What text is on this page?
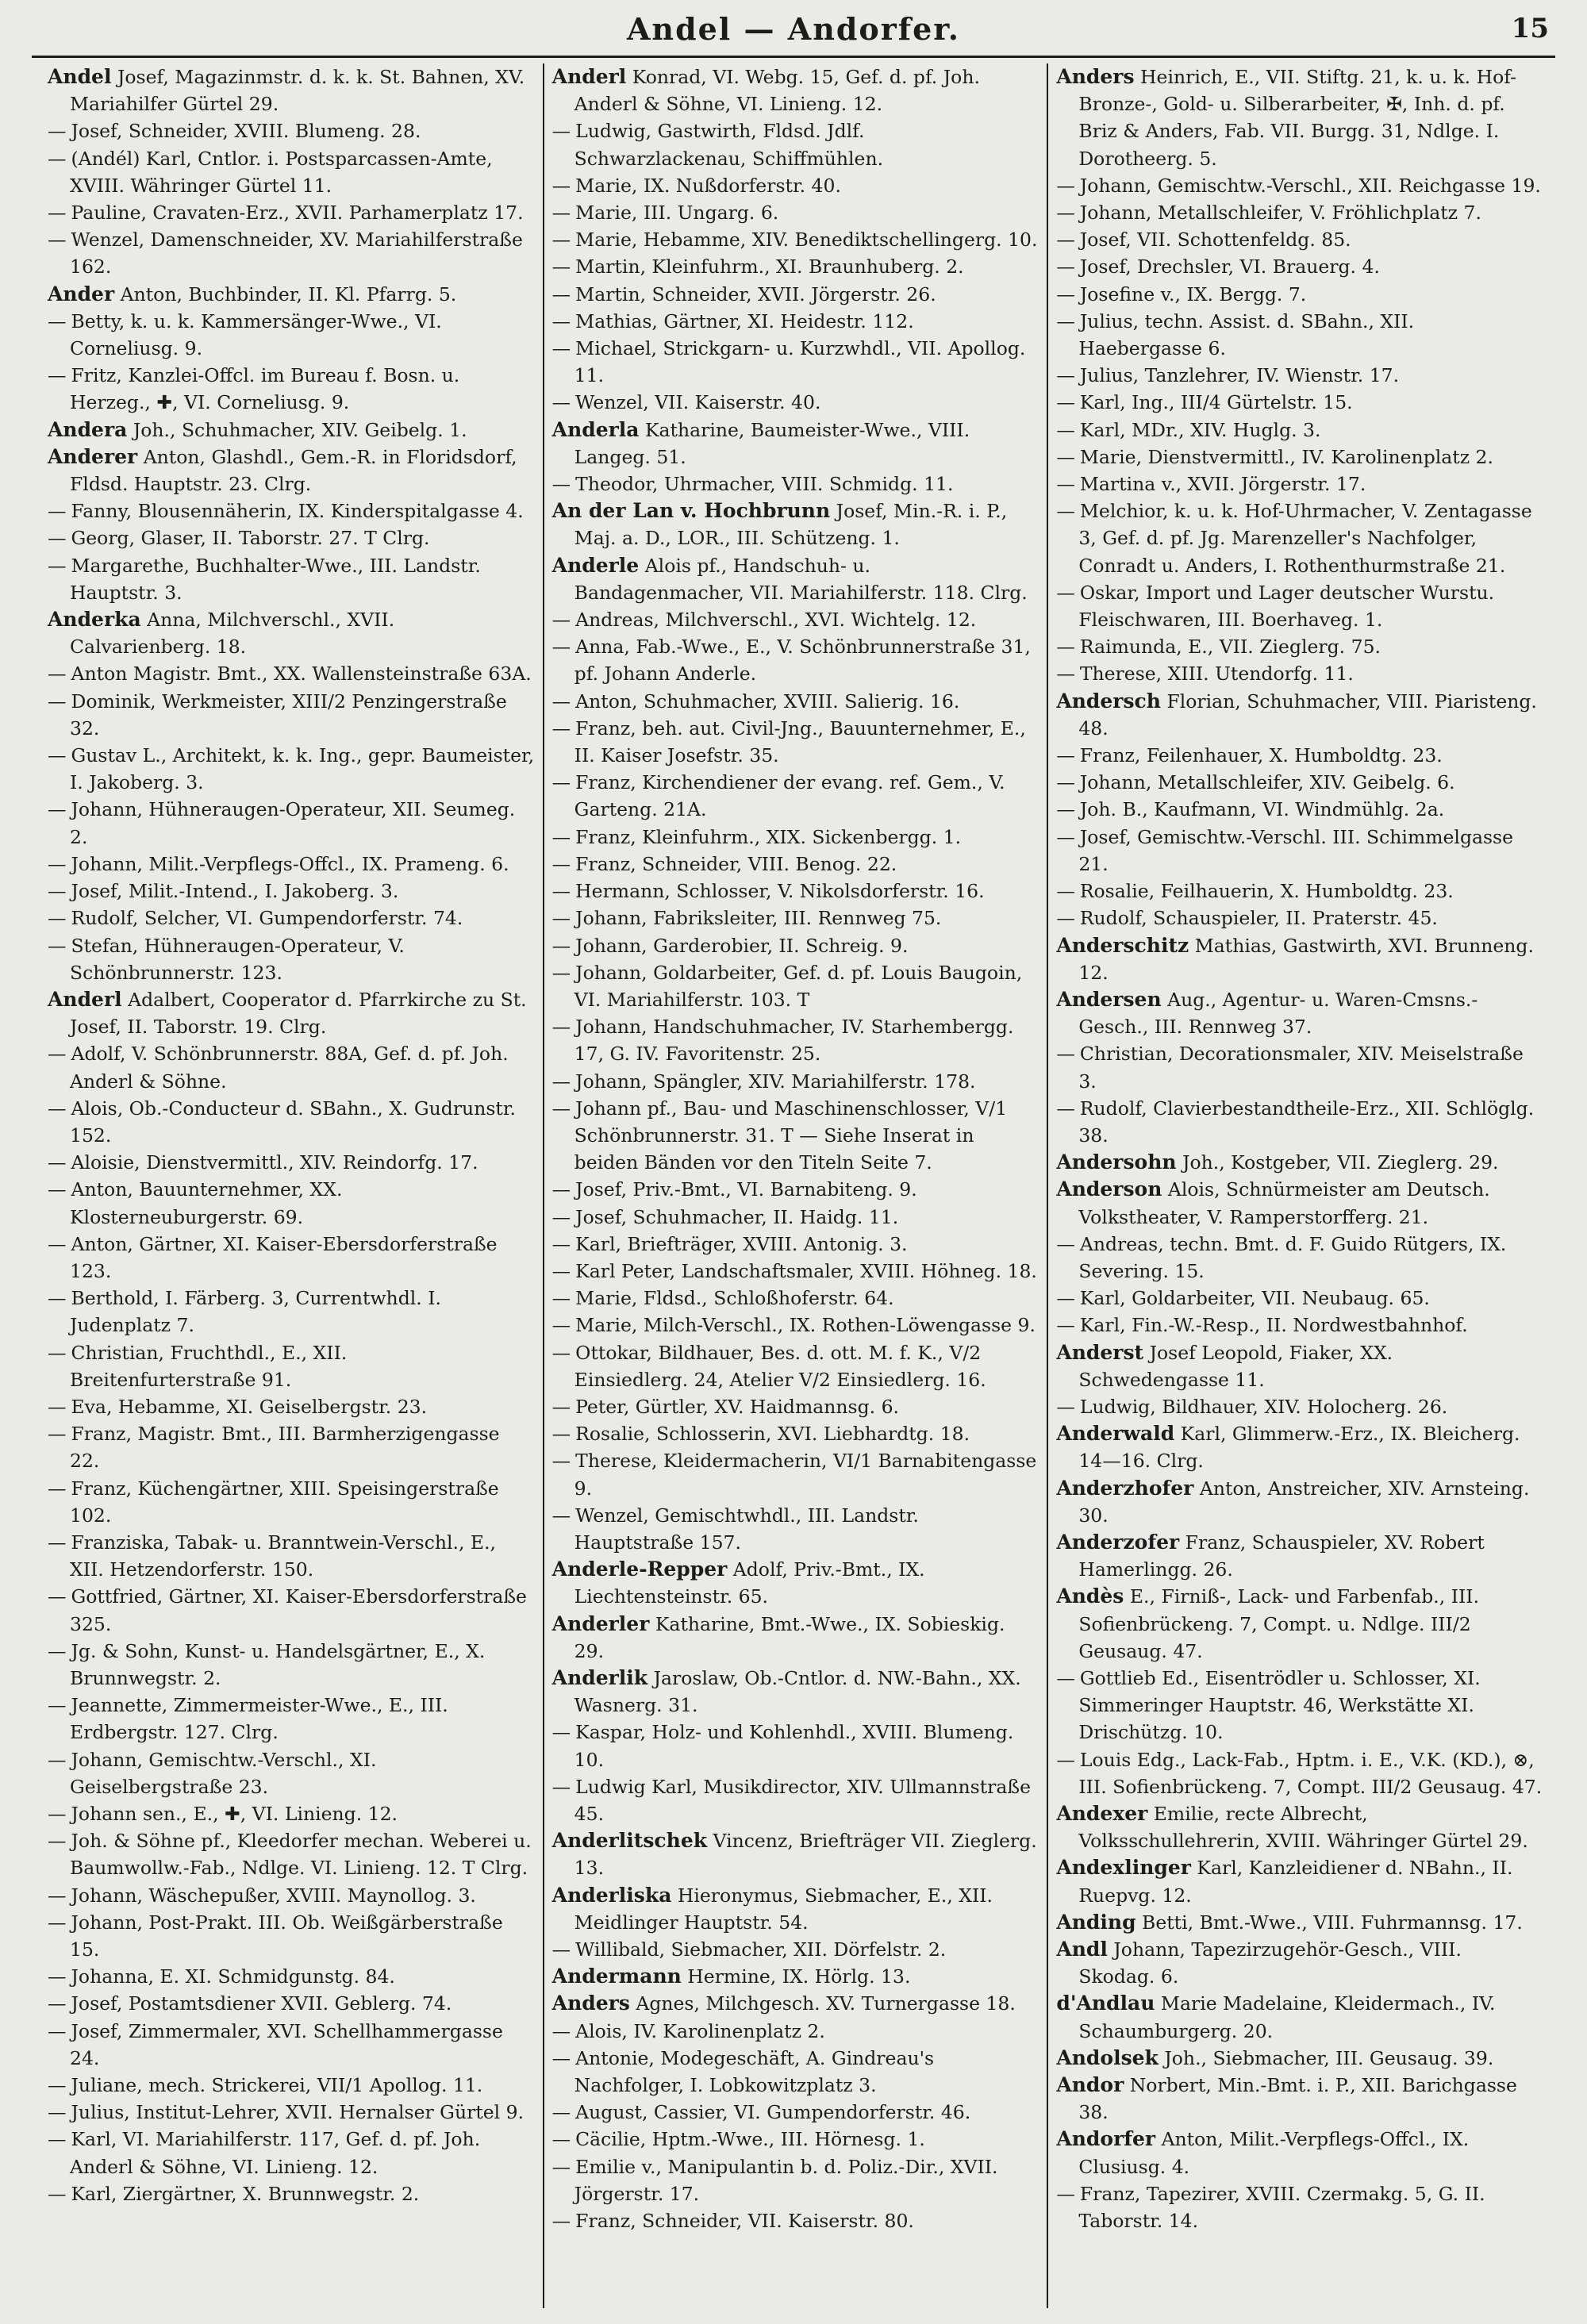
Andel — Andorfer.	15
Andel Josef, Magazinmstr. d. k. k. St. Bahnen, XV. Mariahilfer Gürtel 29.
— Josef, Schneider, XVIII. Blumeng. 28.
— (Andél) Karl, Cntlor. i. Postsparcassen-Amte, XVIII. Währinger Gürtel 11.
— Pauline, Cravaten-Erz., XVII. Parhamerplatz 17.
— Wenzel, Damenschneider, XV. Mariahilferstraße 162.
Ander Anton, Buchbinder, II. Kl. Pfarrg. 5.
— Betty, k. u. k. Kammersänger-Wwe., VI. Corneliusg. 9.
— Fritz, Kanzlei-Offcl. im Bureau f. Bosn. u. Herzeg., ✚, VI. Corneliusg. 9.
Andera Joh., Schuhmacher, XIV. Geibelg. 1.
Anderer Anton, Glashdl., Gem.-R. in Floridsdorf, Fldsd. Hauptstr. 23. Clrg.
— Fanny, Blousennäherin, IX. Kinderspitalgasse 4.
— Georg, Glaser, II. Taborstr. 27. T Clrg.
— Margarethe, Buchhalter-Wwe., III. Landstr. Hauptstr. 3.
Anderka Anna, Milchverschl., XVII. Calvarienberg. 18.
— Anton Magistr. Bmt., XX. Wallensteinstraße 63A.
— Dominik, Werkmeister, XIII/2 Penzingerstraße 32.
— Gustav L., Architekt, k. k. Ing., gepr. Baumeister, I. Jakoberg. 3.
— Johann, Hühneraugen-Operateur, XII. Seumeg. 2.
— Johann, Milit.-Verpflegs-Offcl., IX. Prameng. 6.
— Josef, Milit.-Intend., I. Jakoberg. 3.
— Rudolf, Selcher, VI. Gumpendorferstr. 74.
— Stefan, Hühneraugen-Operateur, V. Schönbrunnerstr. 123.
Anderl Adalbert, Cooperator d. Pfarrkirche zu St. Josef, II. Taborstr. 19. Clrg.
— Adolf, V. Schönbrunnerstr. 88A, Gef. d. pf. Joh. Anderl & Söhne.
— Alois, Ob.-Conducteur d. SBahn., X. Gudrunstr. 152.
— Aloisie, Dienstvermittl., XIV. Reindorfg. 17.
— Anton, Bauunternehmer, XX. Klosterneuburgerstr. 69.
— Anton, Gärtner, XI. Kaiser-Ebersdorferstraße 123.
— Berthold, I. Färberg. 3, Currentwhdl. I. Judenplatz 7.
— Christian, Fruchthdl., E., XII. Breitenfurterstraße 91.
— Eva, Hebamme, XI. Geiselbergstr. 23.
— Franz, Magistr. Bmt., III. Barmherzigengasse 22.
— Franz, Küchengärtner, XIII. Speisingerstraße 102.
— Franziska, Tabak- u. Branntwein-Verschl., E., XII. Hetzendorferstr. 150.
— Gottfried, Gärtner, XI. Kaiser-Ebersdorferstraße 325.
— Jg. & Sohn, Kunst- u. Handelsgärtner, E., X. Brunnwegstr. 2.
— Jeannette, Zimmermeister-Wwe., E., III. Erdbergstr. 127. Clrg.
— Johann, Gemischtw.-Verschl., XI. Geiselbergstraße 23.
— Johann sen., E., ✚, VI. Linieng. 12.
— Joh. & Söhne pf., Kleedorfer mechan. Weberei u. Baumwollw.-Fab., Ndlge. VI. Linieng. 12. T Clrg.
— Johann, Wäschepußer, XVIII. Maynollog. 3.
— Johann, Post-Prakt. III. Ob. Weißgärberstraße 15.
— Johanna, E. XI. Schmidgunstg. 84.
— Josef, Postamtsdiener XVII. Geblerg. 74.
— Josef, Zimmermaler, XVI. Schellhammergasse 24.
— Juliane, mech. Strickerei, VII/1 Apollog. 11.
— Julius, Institut-Lehrer, XVII. Hernalser Gürtel 9.
— Karl, VI. Mariahilferstr. 117, Gef. d. pf. Joh. Anderl & Söhne, VI. Linieng. 12.
— Karl, Ziergärtner, X. Brunnwegstr. 2.
Anderl Konrad, VI. Webg. 15, Gef. d. pf. Joh. Anderl & Söhne, VI. Linieng. 12.
— Ludwig, Gastwirth, Fldsd. Jdlf. Schwarzlackenau, Schiffmühlen.
— Marie, IX. Nußdorferstr. 40.
— Marie, III. Ungarg. 6.
— Marie, Hebamme, XIV. Benediktschellingerg. 10.
— Martin, Kleinfuhrm., XI. Braunhuberg. 2.
— Martin, Schneider, XVII. Jörgerstr. 26.
— Mathias, Gärtner, XI. Heidestr. 112.
— Michael, Strickgarn- u. Kurzwhdl., VII. Apollog. 11.
— Wenzel, VII. Kaiserstr. 40.
Anderla Katharine, Baumeister-Wwe., VIII. Langeg. 51.
— Theodor, Uhrmacher, VIII. Schmidg. 11.
An der Lan v. Hochbrunn Josef, Min.-R. i. P., Maj. a. D., LOR., III. Schützeng. 1.
Anderle Alois pf., Handschuh- u. Bandagenmacher, VII. Mariahilferstr. 118. Clrg.
— Andreas, Milchverschl., XVI. Wichtelg. 12.
— Anna, Fab.-Wwe., E., V. Schönbrunnerstraße 31, pf. Johann Anderle.
— Anton, Schuhmacher, XVIII. Salierig. 16.
— Franz, beh. aut. Civil-Jng., Bauunternehmer, E., II. Kaiser Josefstr. 35.
— Franz, Kirchendiener der evang. ref. Gem., V. Garteng. 21A.
— Franz, Kleinfuhrm., XIX. Sickenbergg. 1.
— Franz, Schneider, VIII. Benog. 22.
— Hermann, Schlosser, V. Nikolsdorferstr. 16.
— Johann, Fabriksleiter, III. Rennweg 75.
— Johann, Garderobier, II. Schreig. 9.
— Johann, Goldarbeiter, Gef. d. pf. Louis Baugoin, VI. Mariahilferstr. 103. T
— Johann, Handschuhmacher, IV. Starhembergg. 17, G. IV. Favoritenstr. 25.
— Johann, Spängler, XIV. Mariahilferstr. 178.
— Johann pf., Bau- und Maschinenschlosser, V/1 Schönbrunnerstr. 31. T — Siehe Inserat in beiden Bänden vor den Titeln Seite 7.
— Josef, Priv.-Bmt., VI. Barnabiteng. 9.
— Josef, Schuhmacher, II. Haidg. 11.
— Karl, Briefträger, XVIII. Antonig. 3.
— Karl Peter, Landschaftsmaler, XVIII. Höhneg. 18.
— Marie, Fldsd., Schloßhoferstr. 64.
— Marie, Milch-Verschl., IX. Rothen-Löwengasse 9.
— Ottokar, Bildhauer, Bes. d. ott. M. f. K., V/2 Einsiedlerg. 24, Atelier V/2 Einsiedlerg. 16.
— Peter, Gürtler, XV. Haidmannsg. 6.
— Rosalie, Schlosserin, XVI. Liebhardtg. 18.
— Therese, Kleidermacherin, VI/1 Barnabitengasse 9.
— Wenzel, Gemischtwhdl., III. Landstr. Hauptstraße 157.
Anderle-Repper Adolf, Priv.-Bmt., IX. Liechtensteinstr. 65.
Anderler Katharine, Bmt.-Wwe., IX. Sobieskig. 29.
Anderlik Jaroslaw, Ob.-Cntlor. d. NW.-Bahn., XX. Wasnerg. 31.
— Kaspar, Holz- und Kohlenhdl., XVIII. Blumeng. 10.
— Ludwig Karl, Musikdirector, XIV. Ullmannstraße 45.
Anderlitschek Vincenz, Briefträger VII. Zieglerg. 13.
Anderliska Hieronymus, Siebmacher, E., XII. Meidlinger Hauptstr. 54.
— Willibald, Siebmacher, XII. Dörfelstr. 2.
Andermann Hermine, IX. Hörlg. 13.
Anders Agnes, Milchgesch. XV. Turnergasse 18.
— Alois, IV. Karolinenplatz 2.
— Antonie, Modegeschäft, A. Gindreau's Nachfolger, I. Lobkowitzplatz 3.
— August, Cassier, VI. Gumpendorferstr. 46.
— Cäcilie, Hptm.-Wwe., III. Hörnesg. 1.
— Emilie v., Manipulantin b. d. Poliz.-Dir., XVII. Jörgerstr. 17.
— Franz, Schneider, VII. Kaiserstr. 80.
Anders Heinrich, E., VII. Stiftg. 21, k. u. k. Hof-Bronze-, Gold- u. Silberarbeiter, ✠, Inh. d. pf. Briz & Anders, Fab. VII. Burgg. 31, Ndlge. I. Dorotheerg. 5.
— Johann, Gemischtw.-Verschl., XII. Reichgasse 19.
— Johann, Metallschleifer, V. Fröhlichplatz 7.
— Josef, VII. Schottenfeldg. 85.
— Josef, Drechsler, VI. Brauerg. 4.
— Josefine v., IX. Bergg. 7.
— Julius, techn. Assist. d. SBahn., XII. Haebergasse 6.
— Julius, Tanzlehrer, IV. Wienstr. 17.
— Karl, Ing., III/4 Gürtelstr. 15.
— Karl, MDr., XIV. Huglg. 3.
— Marie, Dienstvermittl., IV. Karolinenplatz 2.
— Martina v., XVII. Jörgerstr. 17.
— Melchior, k. u. k. Hof-Uhrmacher, V. Zentagasse 3, Gef. d. pf. Jg. Marenzeller's Nachfolger, Conradt u. Anders, I. Rothenthurmstraße 21.
— Oskar, Import und Lager deutscher Wurstu. Fleischwaren, III. Boerhaveg. 1.
— Raimunda, E., VII. Zieglerg. 75.
— Therese, XIII. Utendorfg. 11.
Andersch Florian, Schuhmacher, VIII. Piaristeng. 48.
— Franz, Feilenhauer, X. Humboldtg. 23.
— Johann, Metallschleifer, XIV. Geibelg. 6.
— Joh. B., Kaufmann, VI. Windmühlg. 2a.
— Josef, Gemischtw.-Verschl. III. Schimmelgasse 21.
— Rosalie, Feilhauerin, X. Humboldtg. 23.
— Rudolf, Schauspieler, II. Praterstr. 45.
Anderschitz Mathias, Gastwirth, XVI. Brunneng. 12.
Andersen Aug., Agentur- u. Waren-Cmsns.-Gesch., III. Rennweg 37.
— Christian, Decorationsmaler, XIV. Meiselstraße 3.
— Rudolf, Clavierbestandtheile-Erz., XII. Schlöglg. 38.
Andersohn Joh., Kostgeber, VII. Zieglerg. 29.
Anderson Alois, Schnürmeister am Deutsch. Volkstheater, V. Ramperstorfferg. 21.
— Andreas, techn. Bmt. d. F. Guido Rütgers, IX. Severing. 15.
— Karl, Goldarbeiter, VII. Neubaug. 65.
— Karl, Fin.-W.-Resp., II. Nordwestbahnhof.
Anderst Josef Leopold, Fiaker, XX. Schwedengasse 11.
— Ludwig, Bildhauer, XIV. Holocherg. 26.
Anderwald Karl, Glimmerw.-Erz., IX. Bleicherg. 14—16. Clrg.
Anderzhofer Anton, Anstreicher, XIV. Arnsteing. 30.
Anderzofer Franz, Schauspieler, XV. Robert Hamerlingg. 26.
Andès E., Firniß-, Lack- und Farbenfab., III. Sofienbrückeng. 7, Compt. u. Ndlge. III/2 Geusaug. 47.
— Gottlieb Ed., Eisentrödler u. Schlosser, XI. Simmeringer Hauptstr. 46, Werkstätte XI. Drischützg. 10.
— Louis Edg., Lack-Fab., Hptm. i. E., V.K. (KD.), ⊗, III. Sofienbrückeng. 7, Compt. III/2 Geusaug. 47.
Andexer Emilie, recte Albrecht, Volksschullehrerin, XVIII. Währinger Gürtel 29.
Andexlinger Karl, Kanzleidiener d. NBahn., II. Ruepvg. 12.
Anding Betti, Bmt.-Wwe., VIII. Fuhrmannsg. 17.
Andl Johann, Tapezirzugehör-Gesch., VIII. Skodag. 6.
d'Andlau Marie Madelaine, Kleidermach., IV. Schaumburgerg. 20.
Andolsek Joh., Siebmacher, III. Geusaug. 39.
Andor Norbert, Min.-Bmt. i. P., XII. Barichgasse 38.
Andorfer Anton, Milit.-Verpflegs-Offcl., IX. Clusiusg. 4.
— Franz, Tapezirer, XVIII. Czermakg. 5, G. II. Taborstr. 14.
